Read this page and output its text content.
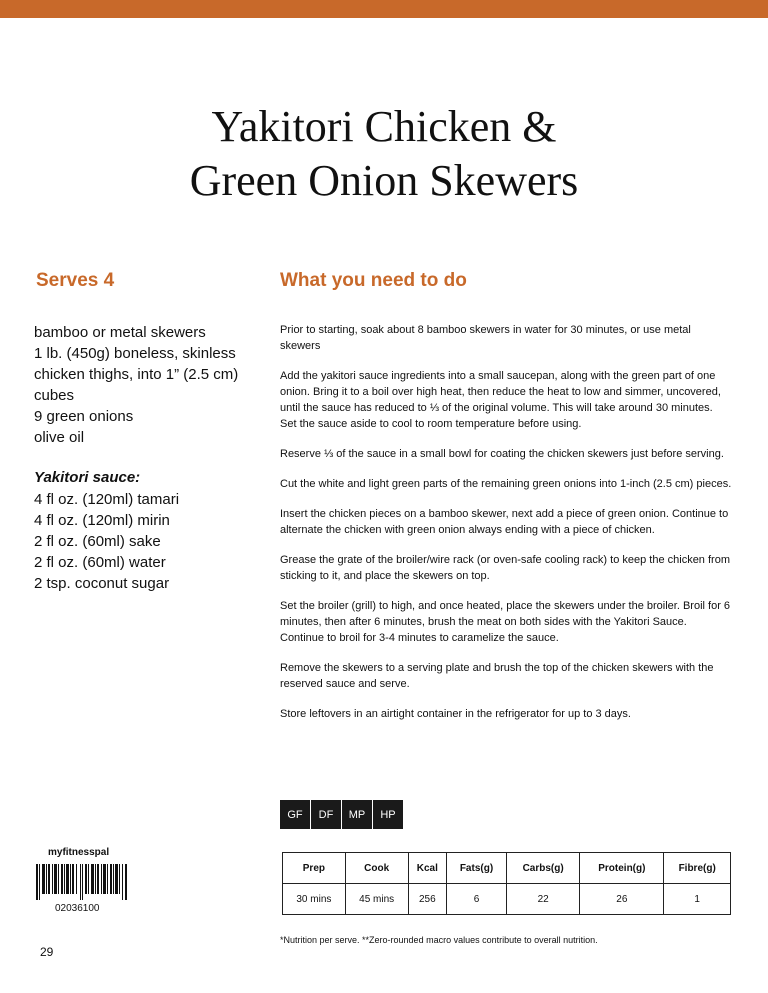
Yakitori Chicken &
Green Onion Skewers
Serves 4	What you need to do
bamboo or metal skewers
1 lb. (450g) boneless, skinless chicken thighs, into 1” (2.5 cm) cubes
9 green onions
olive oil
Yakitori sauce:
4 fl oz. (120ml) tamari
4 fl oz. (120ml) mirin
2 fl oz. (60ml) sake
2 fl oz. (60ml) water
2 tsp. coconut sugar

Prior to starting, soak about 8 bamboo skewers in water for 30 minutes, or use metal skewers

Add the yakitori sauce ingredients into a small saucepan, along with the green part of one onion. Bring it to a boil over high heat, then reduce the heat to low and simmer, uncovered, until the sauce has reduced to ⅓ of the original volume. This will take around 30 minutes. Set the sauce aside to cool to room temperature before using.

Reserve ⅓ of the sauce in a small bowl for coating the chicken skewers just before serving.

Cut the white and light green parts of the remaining green onions into 1-inch (2.5 cm) pieces.

Insert the chicken pieces on a bamboo skewer, next add a piece of green onion. Continue to alternate the chicken with green onion always ending with a piece of chicken.

Grease the grate of the broiler/wire rack (or oven-safe cooling rack) to keep the chicken from sticking to it, and place the skewers on top.

Set the broiler (grill) to high, and once heated, place the skewers under the broiler. Broil for 6 minutes, then after 6 minutes, brush the meat on both sides with the Yakitori Sauce. Continue to broil for 3-4 minutes to caramelize the sauce.

Remove the skewers to a serving plate and brush the top of the chicken skewers with the reserved sauce and serve.

Store leftovers in an airtight container in the refrigerator for up to 3 days.

GF	DF	MP	HP
myfitnesspal
02036100
Prep	Cook	Kcal	Fats(g)	Carbs(g)	Protein(g)	Fibre(g)
30 mins	45 mins	256	6	22	26	1
*Nutrition per serve. **Zero-rounded macro values contribute to overall nutrition.
29
